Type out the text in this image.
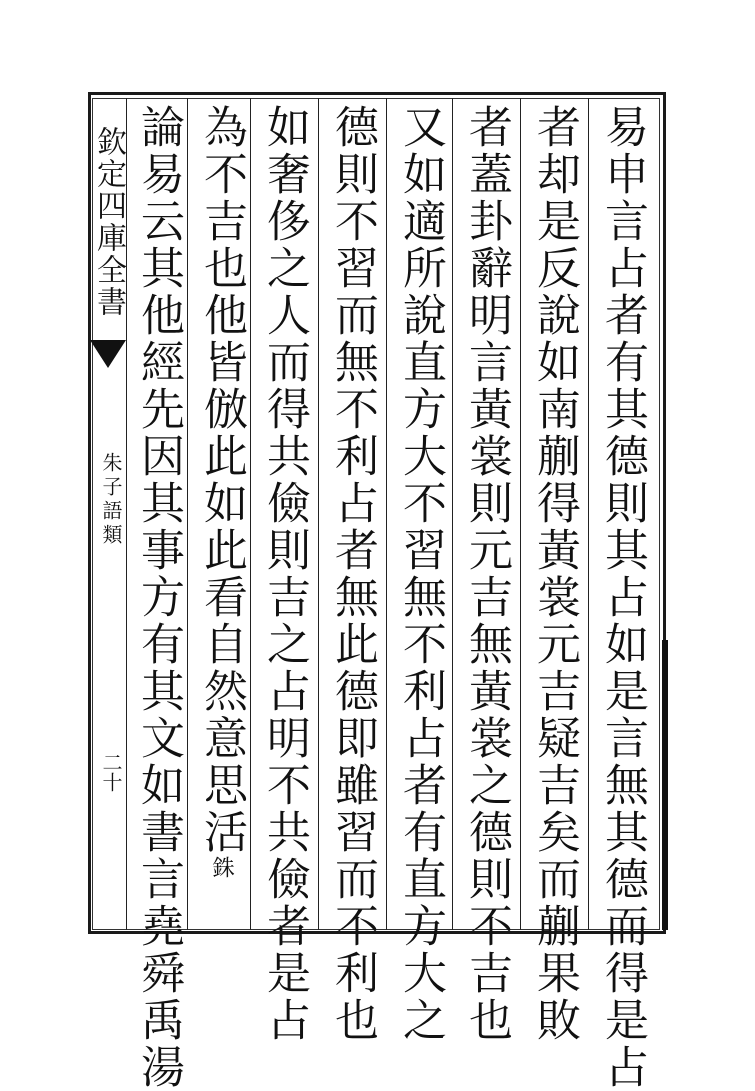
欽定四庫全書
朱子語類
二十	易申言占者有其德則其占如是言無其德而得是占
者却是反說如南蒯得黃裳元吉疑吉矣而蒯果敗
者蓋卦辭明言黃裳則元吉無黃裳之德則不吉也
又如適所說直方大不習無不利占者有直方大之
德則不習而無不利占者無此德即雖習而不利也
如奢侈之人而得共儉則吉之占明不共儉者是占
為不吉也他皆倣此如此看自然意思活銖
論易云其他經先因其事方有其文如書言堯舜禹湯
